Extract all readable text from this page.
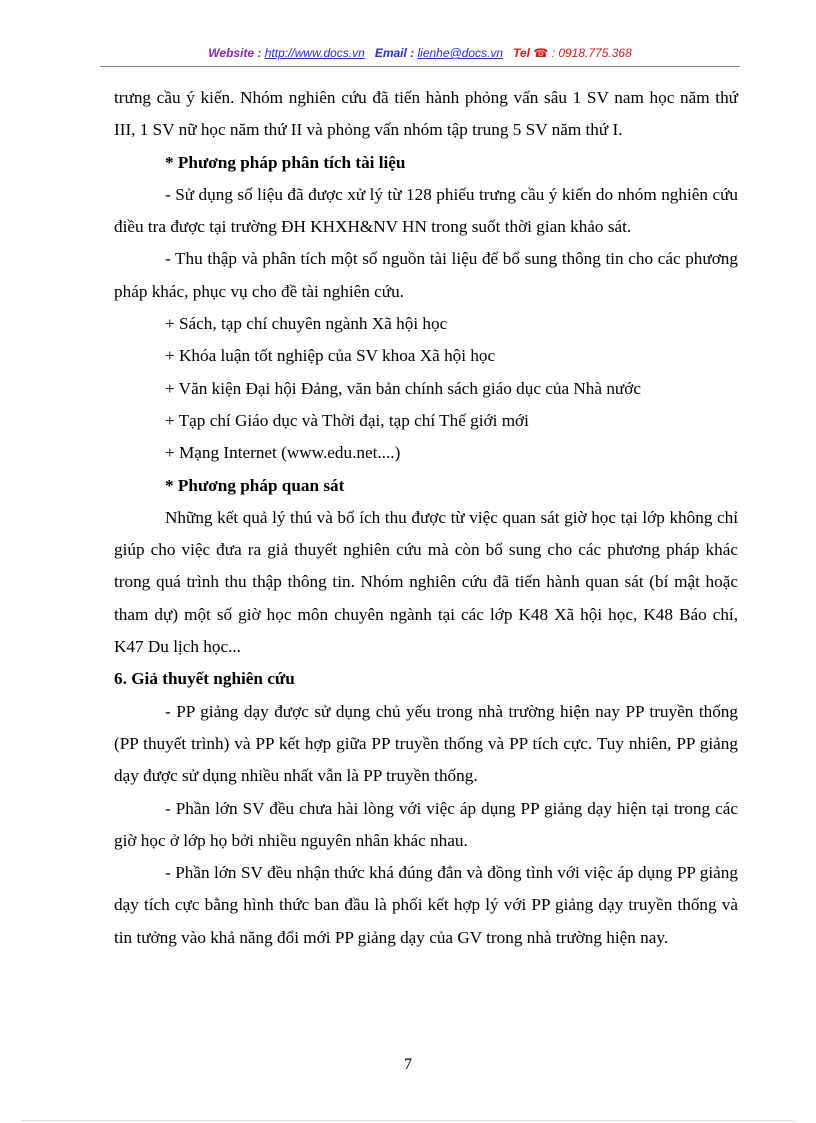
Website : http://www.docs.vn Email : lienhe@docs.vn Tel ☎ : 0918.775.368

trưng cầu ý kiến. Nhóm nghiên cứu đã tiến hành phỏng vấn sâu 1 SV nam học năm thứ III, 1 SV nữ học năm thứ II và phỏng vấn nhóm tập trung 5 SV năm thứ I.

* Phương pháp phân tích tài liệu

- Sử dụng số liệu đã được xử lý từ 128 phiếu trưng cầu ý kiến do nhóm nghiên cứu điều tra được tại trường ĐH KHXH&NV HN trong suốt thời gian khảo sát.

- Thu thập và phân tích một số nguồn tài liệu để bổ sung thông tin cho các phương pháp khác, phục vụ cho đề tài nghiên cứu.

+ Sách, tạp chí chuyên ngành Xã hội học

+ Khóa luận tốt nghiệp của SV khoa Xã hội học

+ Văn kiện Đại hội Đảng, văn bản chính sách giáo dục của Nhà nước

+ Tạp chí Giáo dục và Thời đại, tạp chí Thế giới mới

+ Mạng Internet (www.edu.net....)

* Phương pháp quan sát

Những kết quả lý thú và bổ ích thu được từ việc quan sát giờ học tại lớp không chỉ giúp cho việc đưa ra giả thuyết nghiên cứu mà còn bổ sung cho các phương pháp khác trong quá trình thu thập thông tin. Nhóm nghiên cứu đã tiến hành quan sát (bí mật hoặc tham dự) một số giờ học môn chuyên ngành tại các lớp K48 Xã hội học, K48 Báo chí, K47 Du lịch học...

6. Giả thuyết nghiên cứu

- PP giảng dạy được sử dụng chủ yếu trong nhà trường hiện nay PP truyền thống (PP thuyết trình) và PP kết hợp giữa PP truyền thống và PP tích cực. Tuy nhiên, PP giảng dạy được sử dụng nhiều nhất vẫn là PP truyền thống.

- Phần lớn SV đều chưa hài lòng với việc áp dụng PP giảng dạy hiện tại trong các giờ học ở lớp họ bởi nhiều nguyên nhân khác nhau.

- Phần lớn SV đều nhận thức khá đúng đắn và đồng tình với việc áp dụng PP giảng dạy tích cực bằng hình thức ban đầu là phối kết hợp lý với PP giảng dạy truyền thống và tin tưởng vào khả năng đổi mới PP giảng dạy của GV trong nhà trường hiện nay.

7
